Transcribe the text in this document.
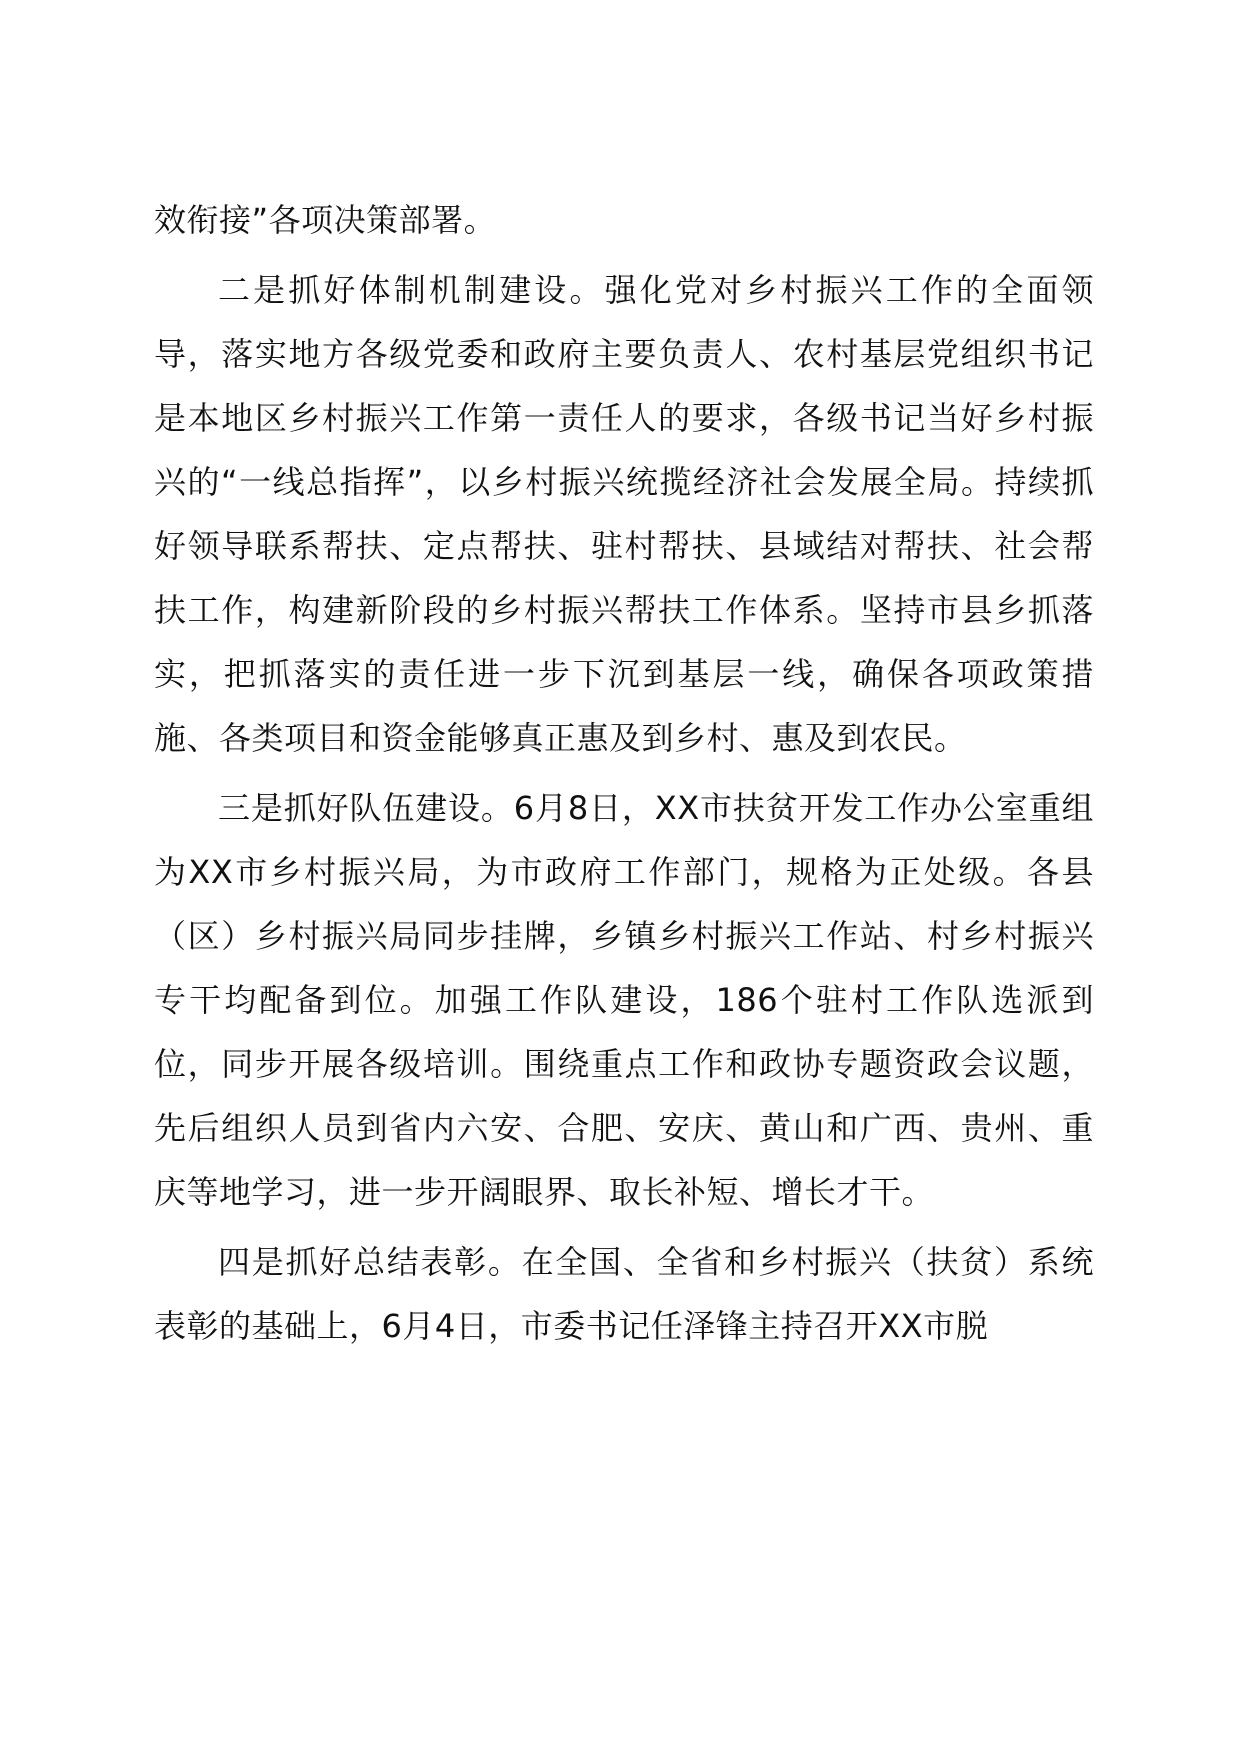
效衔接”各项决策部署。

二是抓好体制机制建设。强化党对乡村振兴工作的全面领导，落实地方各级党委和政府主要负责人、农村基层党组织书记是本地区乡村振兴工作第一责任人的要求，各级书记当好乡村振兴的“一线总指挥”，以乡村振兴统揽经济社会发展全局。持续抓好领导联系帮扶、定点帮扶、驻村帮扶、县域结对帮扶、社会帮扶工作，构建新阶段的乡村振兴帮扶工作体系。坚持市县乡抓落实，把抓落实的责任进一步下沉到基层一线，确保各项政策措施、各类项目和资金能够真正惠及到乡村、惠及到农民。

三是抓好队伍建设。6月8日，XX市扶贫开发工作办公室重组为XX市乡村振兴局，为市政府工作部门，规格为正处级。各县（区）乡村振兴局同步挂牌，乡镇乡村振兴工作站、村乡村振兴专干均配备到位。加强工作队建设，186个驻村工作队选派到位，同步开展各级培训。围绕重点工作和政协专题资政会议题，先后组织人员到省内六安、合肥、安庆、黄山和广西、贵州、重庆等地学习，进一步开阔眼界、取长补短、增长才干。

四是抓好总结表彰。在全国、全省和乡村振兴（扶贫）系统表彰的基础上，6月4日，市委书记任泽锋主持召开XX市脱
